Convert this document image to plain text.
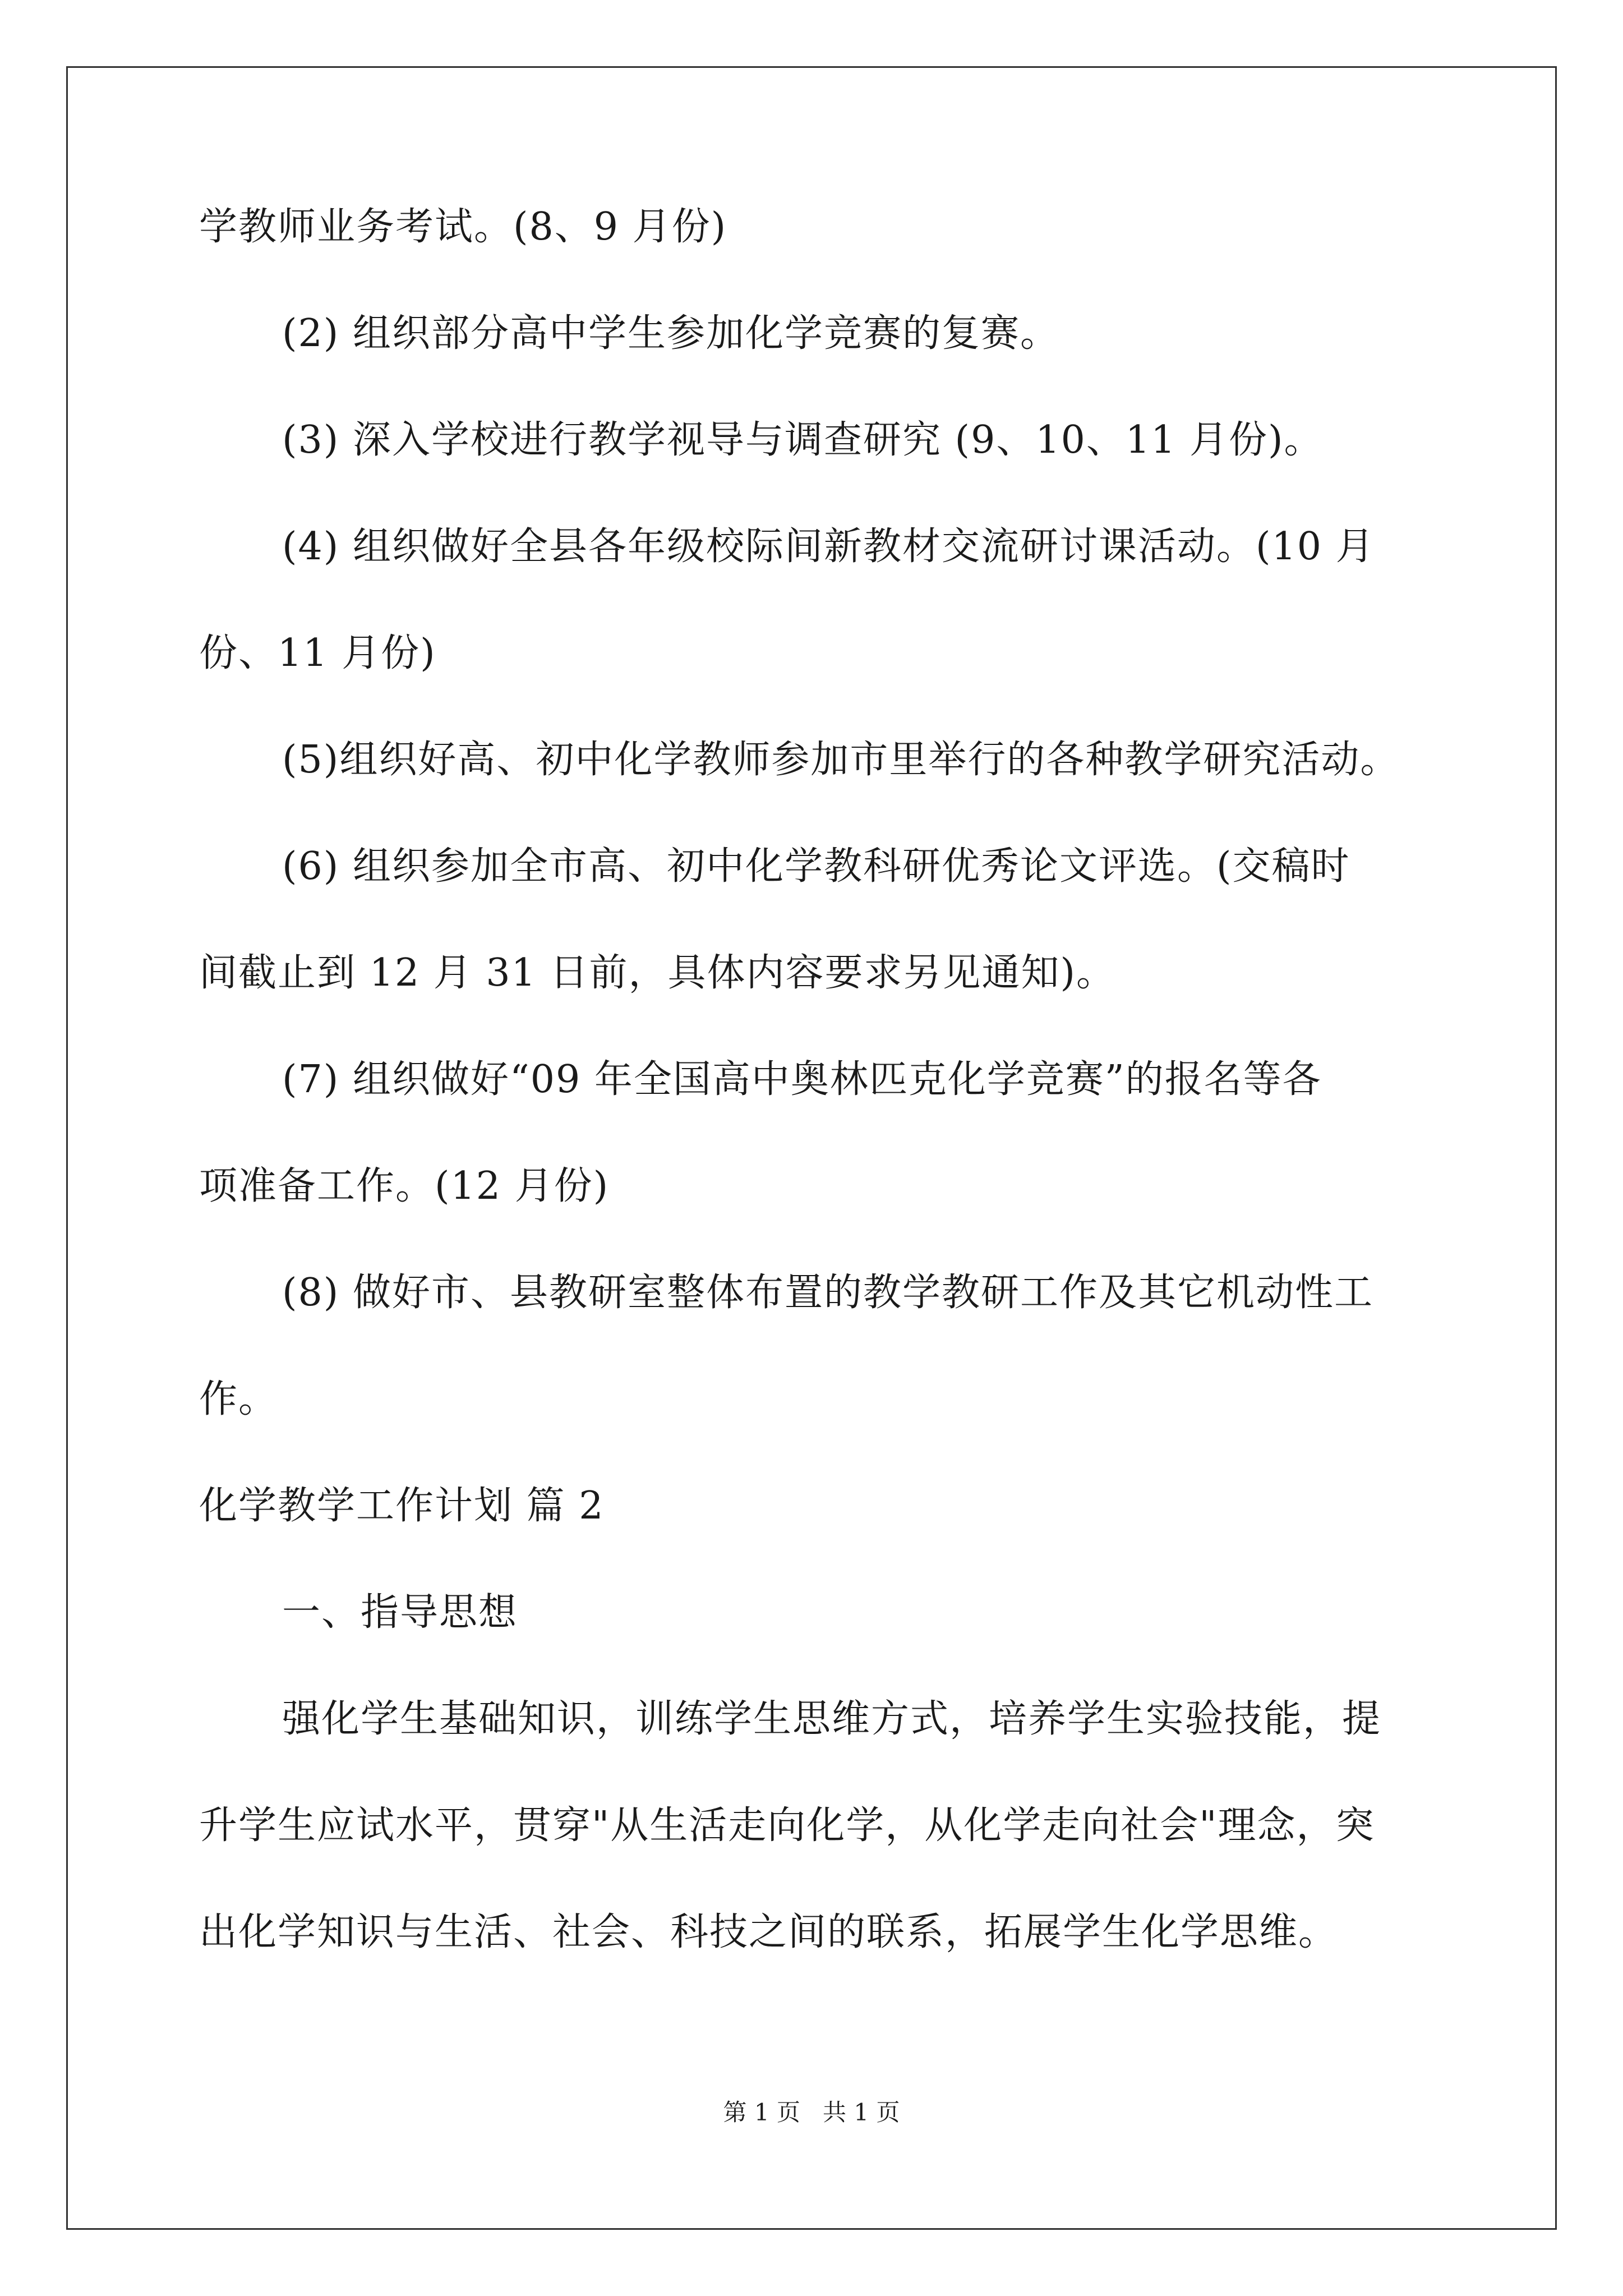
学教师业务考试。(8、9 月份)
(2) 组织部分高中学生参加化学竞赛的复赛。
(3) 深入学校进行教学视导与调查研究 (9、10、11 月份)。
(4) 组织做好全县各年级校际间新教材交流研讨课活动。(10 月
份、11 月份)
(5)组织好高、初中化学教师参加市里举行的各种教学研究活动。
(6) 组织参加全市高、初中化学教科研优秀论文评选。(交稿时
间截止到 12 月 31 日前，具体内容要求另见通知)。
(7) 组织做好“09 年全国高中奥林匹克化学竞赛”的报名等各
项准备工作。(12 月份)
(8) 做好市、县教研室整体布置的教学教研工作及其它机动性工
作。
化学教学工作计划 篇 2
一、指导思想
强化学生基础知识，训练学生思维方式，培养学生实验技能，提
升学生应试水平，贯穿"从生活走向化学，从化学走向社会"理念，突
出化学知识与生活、社会、科技之间的联系，拓展学生化学思维。
第 1 页   共 1 页
